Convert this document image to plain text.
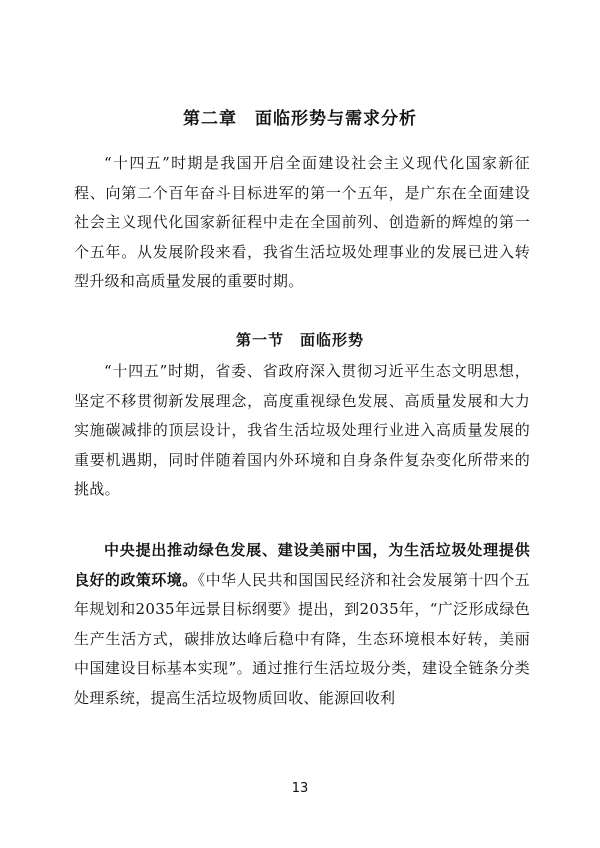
第二章　面临形势与需求分析
“十四五”时期是我国开启全面建设社会主义现代化国家新征程、向第二个百年奋斗目标进军的第一个五年，是广东在全面建设社会主义现代化国家新征程中走在全国前列、创造新的辉煌的第一个五年。从发展阶段来看，我省生活垃圾处理事业的发展已进入转型升级和高质量发展的重要时期。
第一节　面临形势
“十四五”时期，省委、省政府深入贯彻习近平生态文明思想，坚定不移贯彻新发展理念，高度重视绿色发展、高质量发展和大力实施碳减排的顶层设计，我省生活垃圾处理行业进入高质量发展的重要机遇期，同时伴随着国内外环境和自身条件复杂变化所带来的挑战。
中央提出推动绿色发展、建设美丽中国，为生活垃圾处理提供良好的政策环境。《中华人民共和国国民经济和社会发展第十四个五年规划和2035年远景目标纲要》提出，到2035年，“广泛形成绿色生产生活方式，碳排放达峰后稳中有降，生态环境根本好转，美丽中国建设目标基本实现”。通过推行生活垃圾分类，建设全链条分类处理系统，提高生活垃圾物质回收、能源回收利
13
